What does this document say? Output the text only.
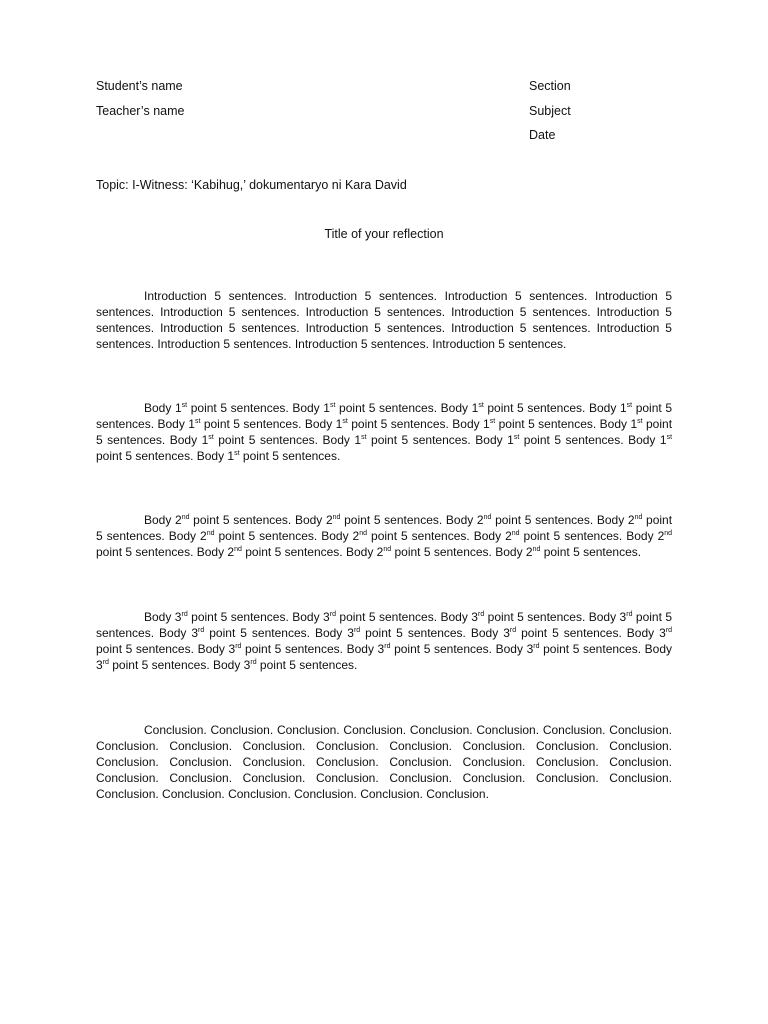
Student’s name
Teacher’s name
Section
Subject
Date
Topic: I-Witness: ‘Kabihug,’ dokumentaryo ni Kara David
Title of your reflection

Introduction 5 sentences. Introduction 5 sentences. Introduction 5 sentences. Introduction 5 sentences. Introduction 5 sentences. Introduction 5 sentences. Introduction 5 sentences. Introduction 5 sentences. Introduction 5 sentences. Introduction 5 sentences. Introduction 5 sentences. Introduction 5 sentences. Introduction 5 sentences. Introduction 5 sentences. Introduction 5 sentences.

Body 1st point 5 sentences. Body 1st point 5 sentences. Body 1st point 5 sentences. Body 1st point 5 sentences. Body 1st point 5 sentences. Body 1st point 5 sentences. Body 1st point 5 sentences. Body 1st point 5 sentences. Body 1st point 5 sentences. Body 1st point 5 sentences. Body 1st point 5 sentences. Body 1st point 5 sentences. Body 1st point 5 sentences.

Body 2nd point 5 sentences. Body 2nd point 5 sentences. Body 2nd point 5 sentences. Body 2nd point 5 sentences. Body 2nd point 5 sentences. Body 2nd point 5 sentences. Body 2nd point 5 sentences. Body 2nd point 5 sentences. Body 2nd point 5 sentences. Body 2nd point 5 sentences. Body 2nd point 5 sentences.

Body 3rd point 5 sentences. Body 3rd point 5 sentences. Body 3rd point 5 sentences. Body 3rd point 5 sentences. Body 3rd point 5 sentences. Body 3rd point 5 sentences. Body 3rd point 5 sentences. Body 3rd point 5 sentences. Body 3rd point 5 sentences. Body 3rd point 5 sentences. Body 3rd point 5 sentences. Body 3rd point 5 sentences. Body 3rd point 5 sentences.

Conclusion. Conclusion. Conclusion. Conclusion. Conclusion. Conclusion. Conclusion. Conclusion. Conclusion. Conclusion. Conclusion. Conclusion. Conclusion. Conclusion. Conclusion. Conclusion. Conclusion. Conclusion. Conclusion. Conclusion. Conclusion. Conclusion. Conclusion. Conclusion. Conclusion. Conclusion. Conclusion. Conclusion. Conclusion. Conclusion. Conclusion. Conclusion. Conclusion. Conclusion. Conclusion. Conclusion. Conclusion. Conclusion.
